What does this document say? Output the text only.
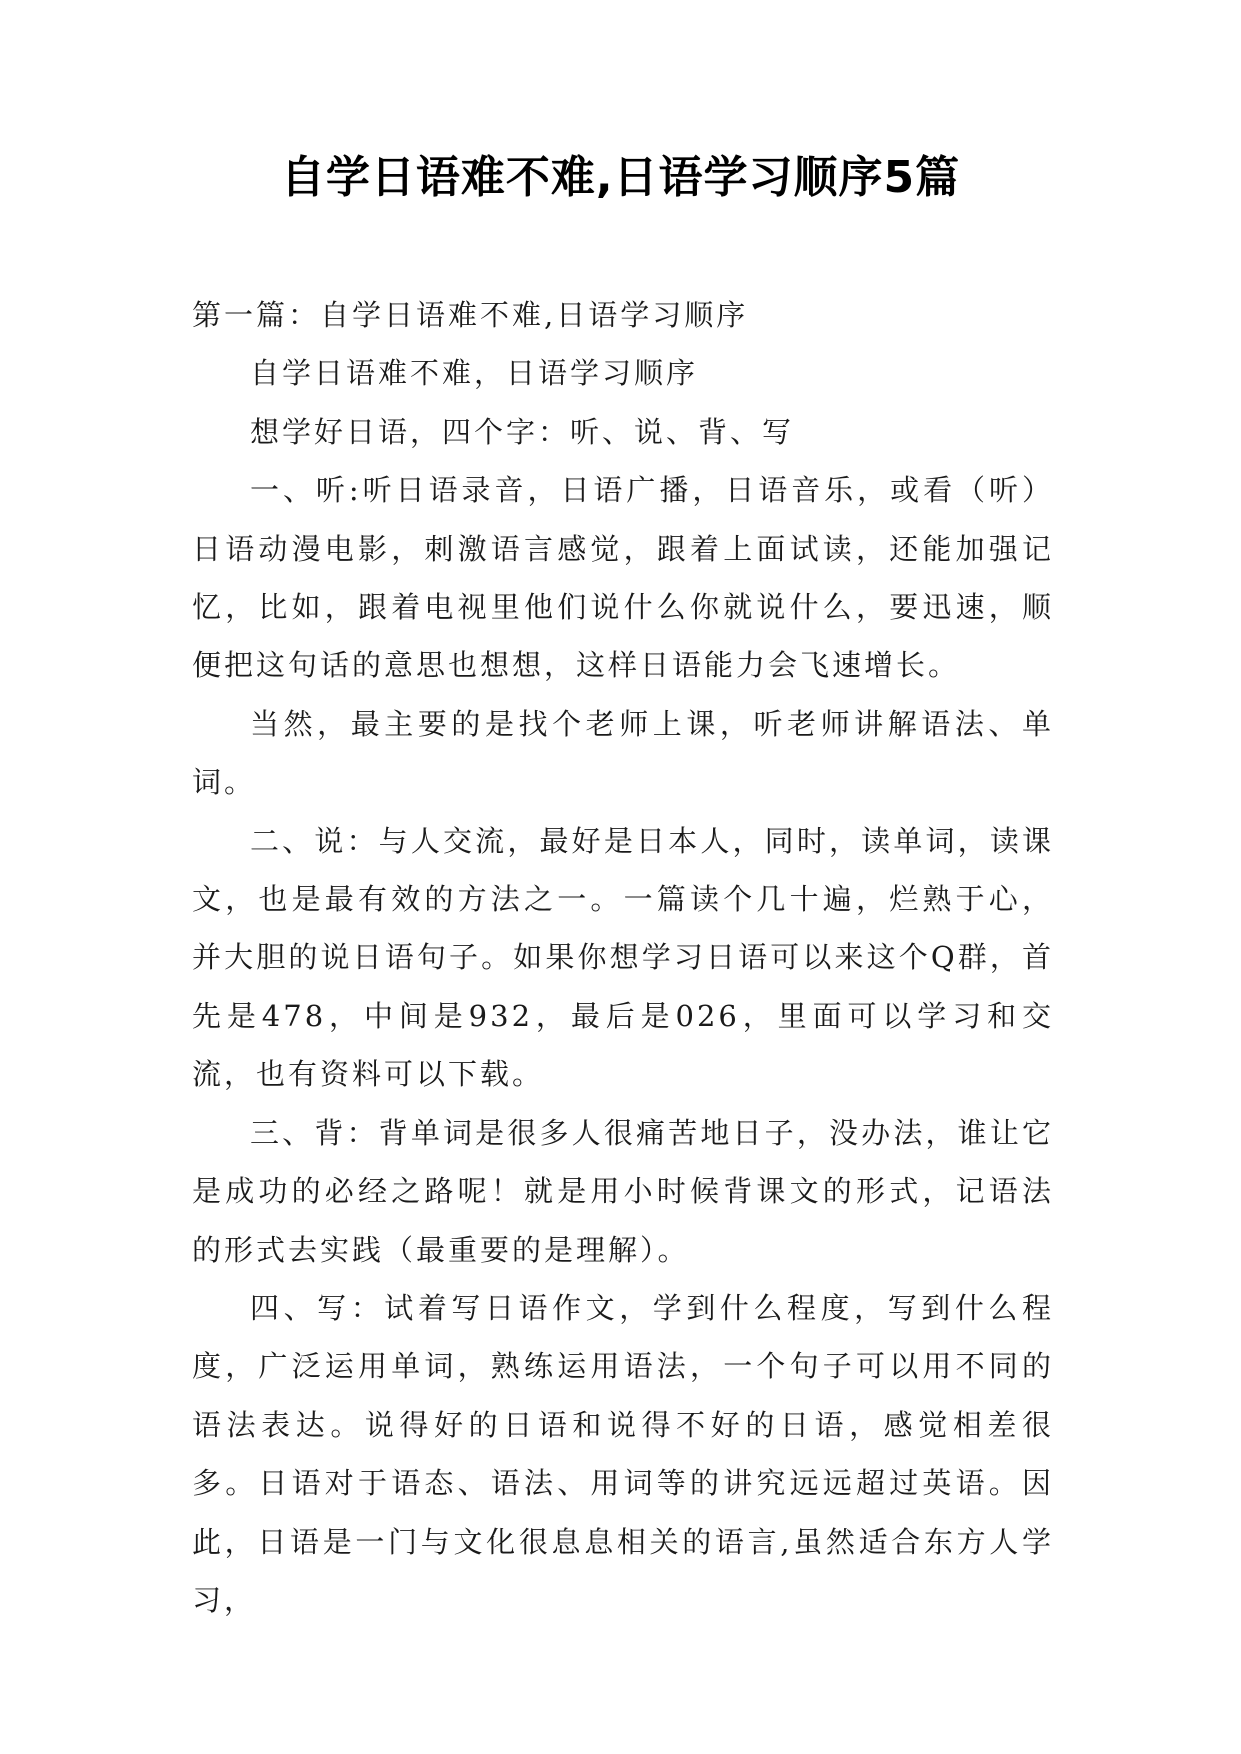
自学日语难不难,日语学习顺序5篇

第一篇：自学日语难不难,日语学习顺序

自学日语难不难，日语学习顺序

想学好日语，四个字：听、说、背、写

一、听:听日语录音，日语广播，日语音乐，或看（听）日语动漫电影，刺激语言感觉，跟着上面试读，还能加强记忆，比如，跟着电视里他们说什么你就说什么，要迅速，顺便把这句话的意思也想想，这样日语能力会飞速增长。

当然，最主要的是找个老师上课，听老师讲解语法、单词。

二、说：与人交流，最好是日本人，同时，读单词，读课文，也是最有效的方法之一。一篇读个几十遍，烂熟于心，并大胆的说日语句子。如果你想学习日语可以来这个Q群，首先是478，中间是932，最后是026，里面可以学习和交流，也有资料可以下载。

三、背：背单词是很多人很痛苦地日子，没办法，谁让它是成功的必经之路呢！就是用小时候背课文的形式，记语法的形式去实践（最重要的是理解）。

四、写：试着写日语作文，学到什么程度，写到什么程度，广泛运用单词，熟练运用语法，一个句子可以用不同的语法表达。说得好的日语和说得不好的日语，感觉相差很多。日语对于语态、语法、用词等的讲究远远超过英语。因此，日语是一门与文化很息息相关的语言,虽然适合东方人学习，
